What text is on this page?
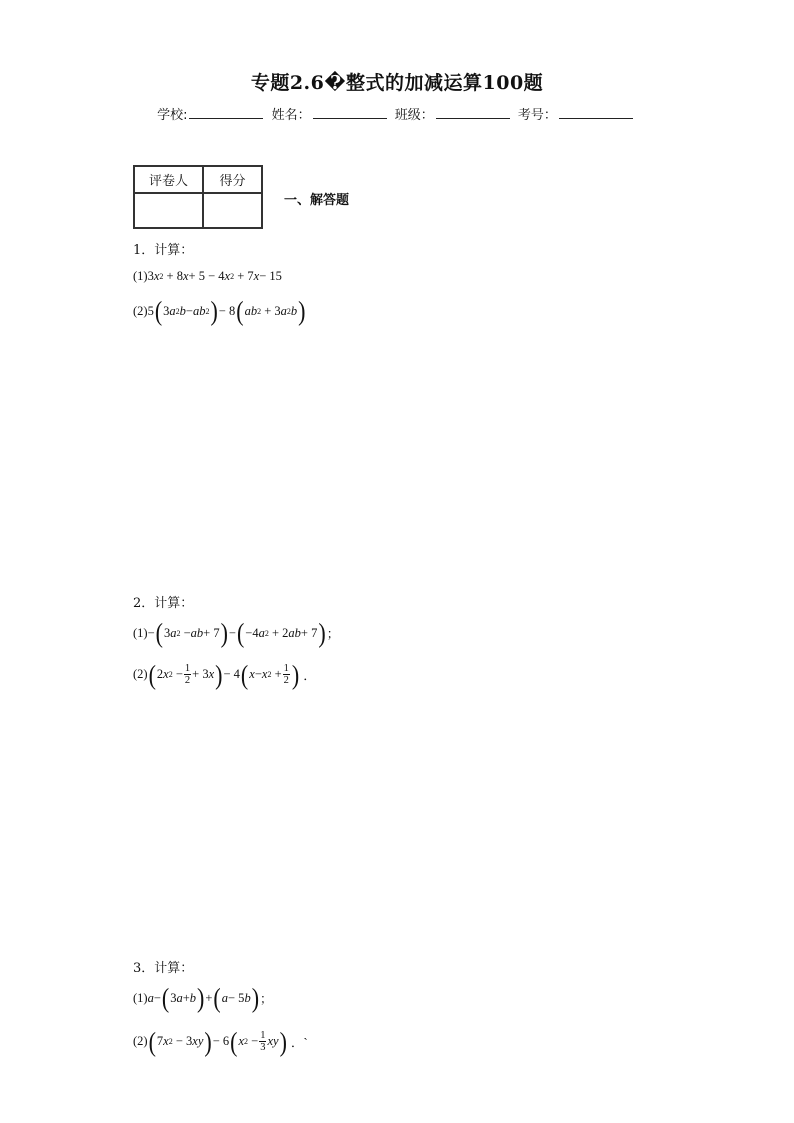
专题2.6�整式的加减运算100题
学校:	姓名：	班级：	考号：
评卷人	得分

一、解答题
1．计算：
(1)3 x 2 + 8 x + 5 − 4 x 2 + 7 x − 15
(2)5 ( 3 a 2 b − ab 2 ) − 8 ( ab 2 + 3 a 2 b )
2．计算：
(1)− ( 3 a 2 − ab + 7 ) − ( −4 a 2 + 2 ab + 7 ) ；
(2) ( 2 x $2 - \frac{1}{2} + 3$ x ) − 4 ( x − x $2 + \frac{1}{2}$ ) ．
3．计算：
(1) a − ( 3 a + b ) + ( a − 5 b ) ；
(2) ( 7 x 2 − 3 xy ) − 6 ( x $2 - \frac{1}{3}$ xy ) ．`
